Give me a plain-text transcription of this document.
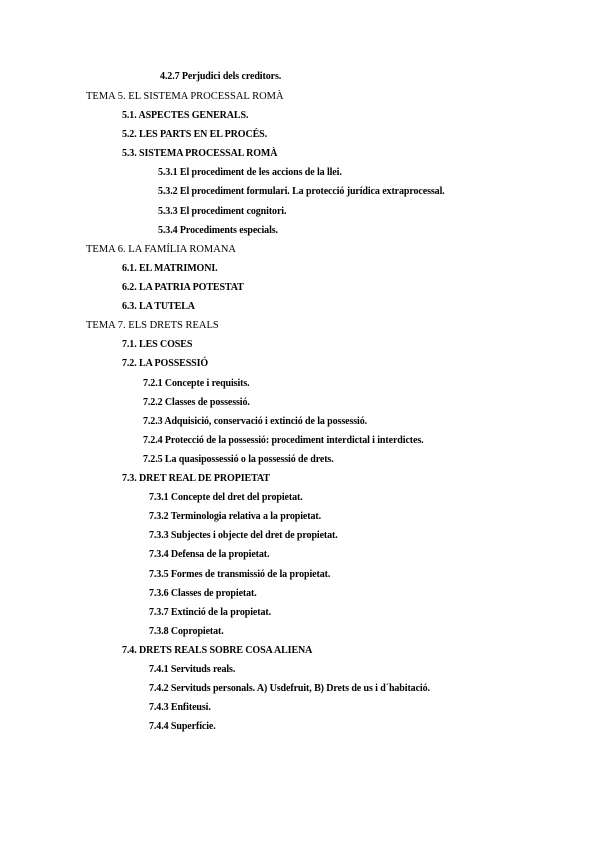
4.2.7 Perjudici dels creditors.
TEMA 5. EL SISTEMA PROCESSAL ROMÀ
5.1. ASPECTES GENERALS.
5.2. LES PARTS EN EL PROCÉS.
5.3. SISTEMA PROCESSAL ROMÀ
5.3.1 El procediment de les accions de la llei.
5.3.2 El procediment formulari. La protecció jurídica extraprocessal.
5.3.3 El procediment cognitori.
5.3.4 Procediments especials.
TEMA 6. LA FAMÍLIA ROMANA
6.1. EL MATRIMONI.
6.2. LA PATRIA POTESTAT
6.3. LA TUTELA
TEMA 7. ELS DRETS REALS
7.1. LES COSES
7.2. LA POSSESSIÓ
7.2.1 Concepte i requisits.
7.2.2 Classes de possessió.
7.2.3 Adquisició, conservació i extinció de la possessió.
7.2.4 Protecció de la possessió: procediment interdictal i interdictes.
7.2.5 La quasipossessió o la possessió de drets.
7.3. DRET REAL DE PROPIETAT
7.3.1 Concepte del dret del propietat.
7.3.2 Terminologia relativa a la propietat.
7.3.3 Subjectes i objecte del dret de propietat.
7.3.4 Defensa de la propietat.
7.3.5 Formes de transmissió de la propietat.
7.3.6 Classes de propietat.
7.3.7 Extinció de la propietat.
7.3.8 Copropietat.
7.4. DRETS REALS SOBRE COSA ALIENA
7.4.1 Servituds reals.
7.4.2 Servituds personals. A) Usdefruit, B) Drets de us i d´habitació.
7.4.3 Enfiteusi.
7.4.4 Superfície.
